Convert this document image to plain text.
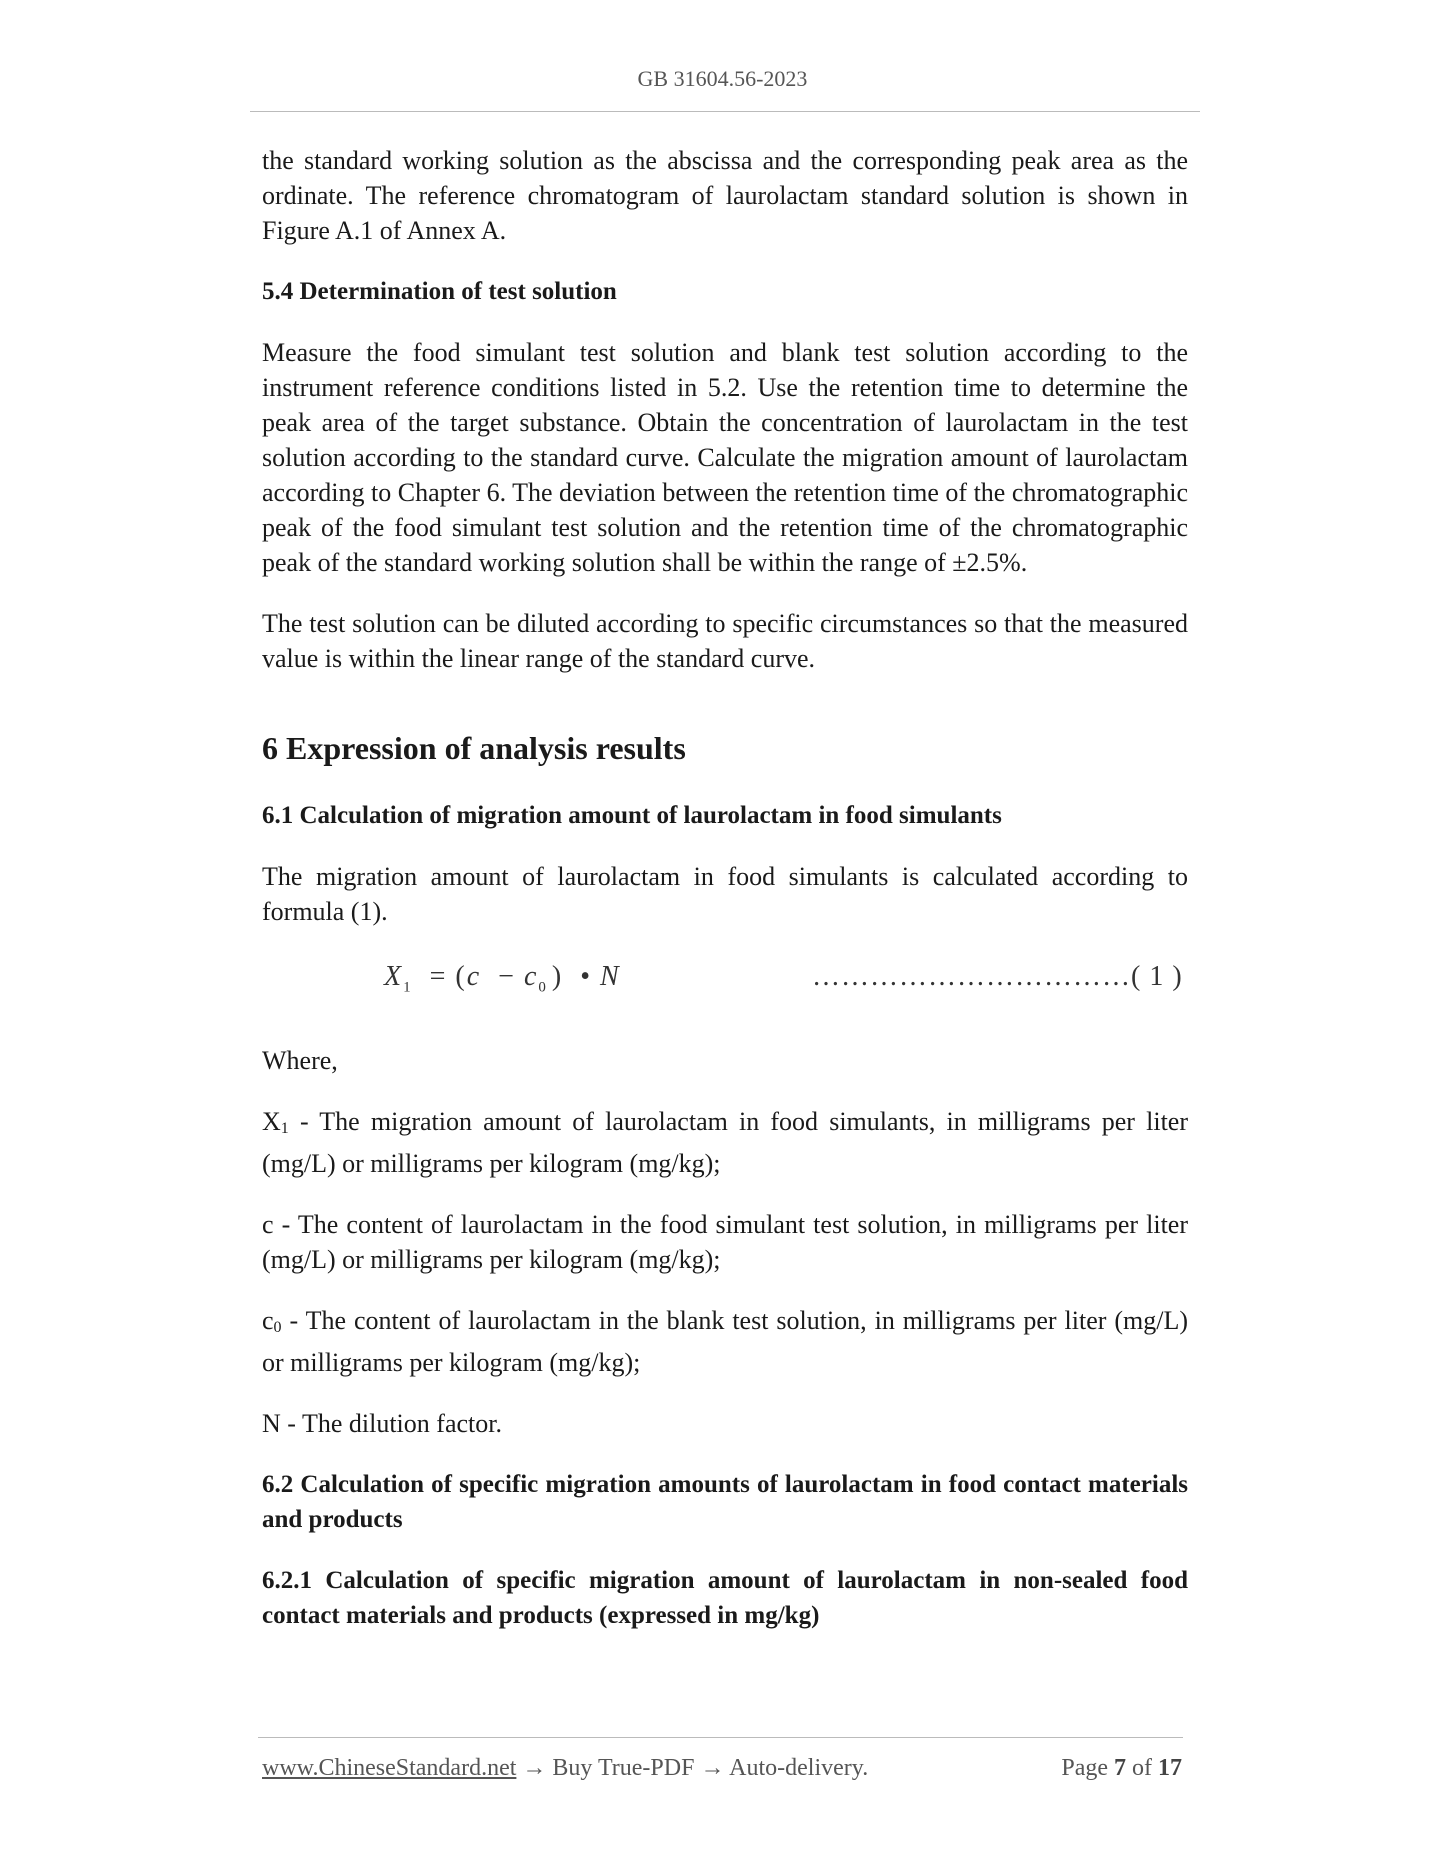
GB 31604.56-2023

the standard working solution as the abscissa and the corresponding peak area as the ordinate. The reference chromatogram of laurolactam standard solution is shown in Figure A.1 of Annex A.

5.4 Determination of test solution

Measure the food simulant test solution and blank test solution according to the instrument reference conditions listed in 5.2. Use the retention time to determine the peak area of the target substance. Obtain the concentration of laurolactam in the test solution according to the standard curve. Calculate the migration amount of laurolactam according to Chapter 6. The deviation between the retention time of the chromatographic peak of the food simulant test solution and the retention time of the chromatographic peak of the standard working solution shall be within the range of ±2.5%.

The test solution can be diluted according to specific circumstances so that the measured value is within the linear range of the standard curve.

6 Expression of analysis results
6.1 Calculation of migration amount of laurolactam in food simulants

The migration amount of laurolactam in food simulants is calculated according to formula (1).

$X_1 = (c - c_0$ ) • N	……………………………( 1 )

Where,

X1 - The migration amount of laurolactam in food simulants, in milligrams per liter (mg/L) or milligrams per kilogram (mg/kg);

c - The content of laurolactam in the food simulant test solution, in milligrams per liter (mg/L) or milligrams per kilogram (mg/kg);

c0 - The content of laurolactam in the blank test solution, in milligrams per liter (mg/L) or milligrams per kilogram (mg/kg);

N - The dilution factor.

6.2 Calculation of specific migration amounts of laurolactam in food contact materials and products
6.2.1 Calculation of specific migration amount of laurolactam in non-sealed food contact materials and products (expressed in mg/kg)
www.ChineseStandard.net → Buy True-PDF → Auto-delivery.	Page 7 of 17
